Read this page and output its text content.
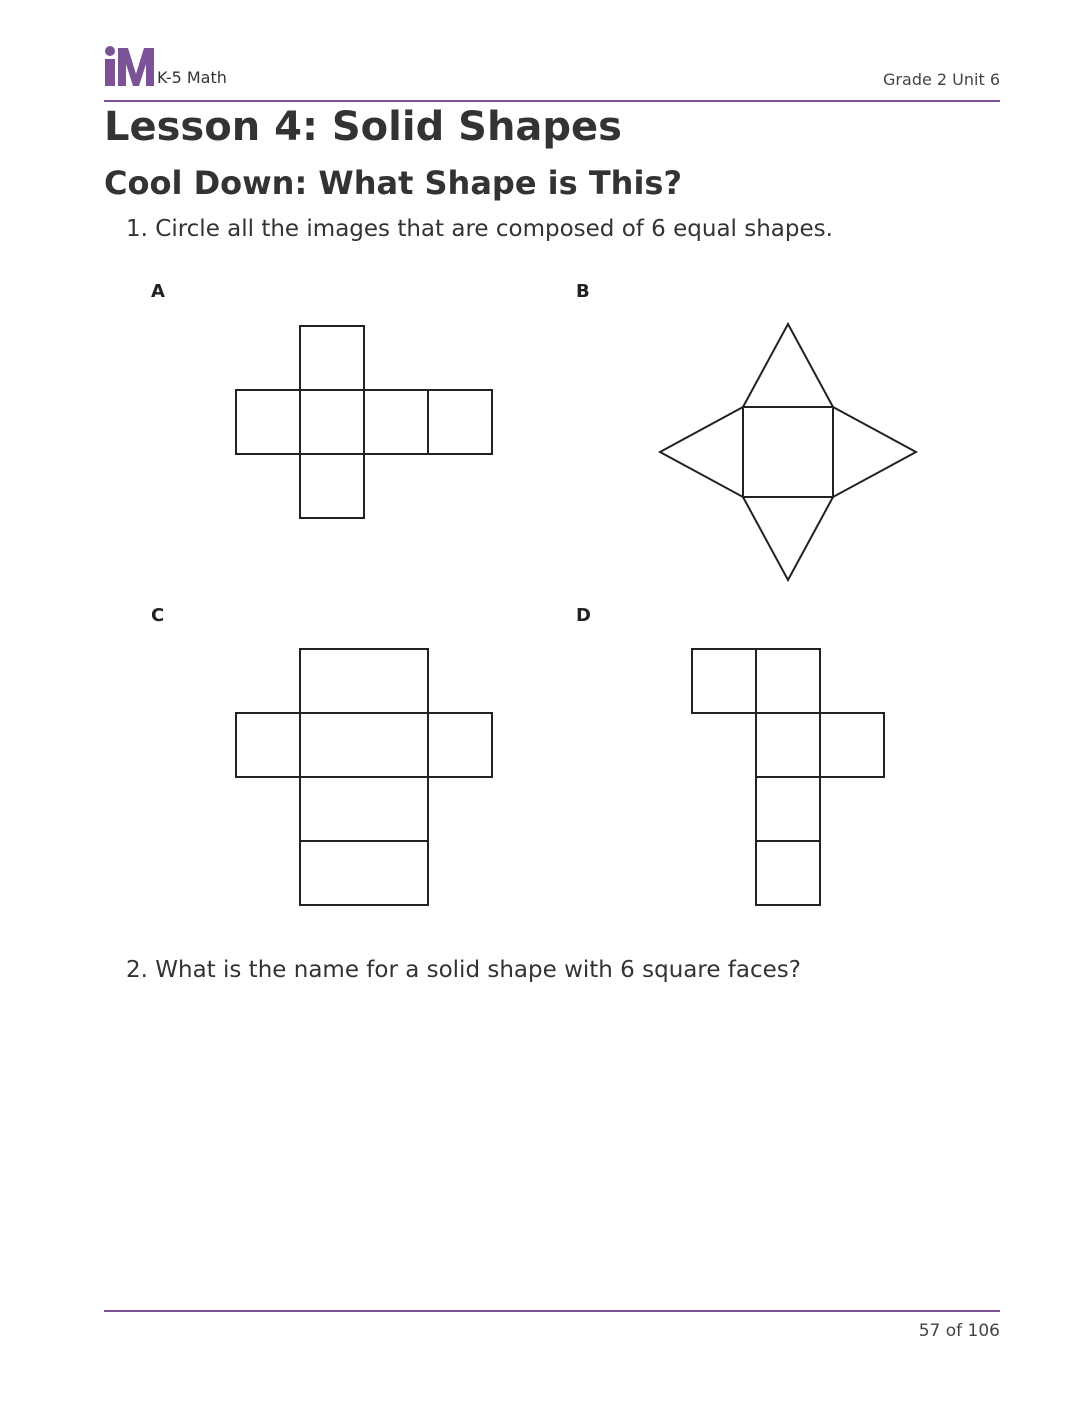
K-5 Math	Grade 2 Unit 6
Lesson 4: Solid Shapes
Cool Down: What Shape is This?
1. Circle all the images that are composed of 6 equal shapes.
A	B
C	D
2. What is the name for a solid shape with 6 square faces?
57 of 106
